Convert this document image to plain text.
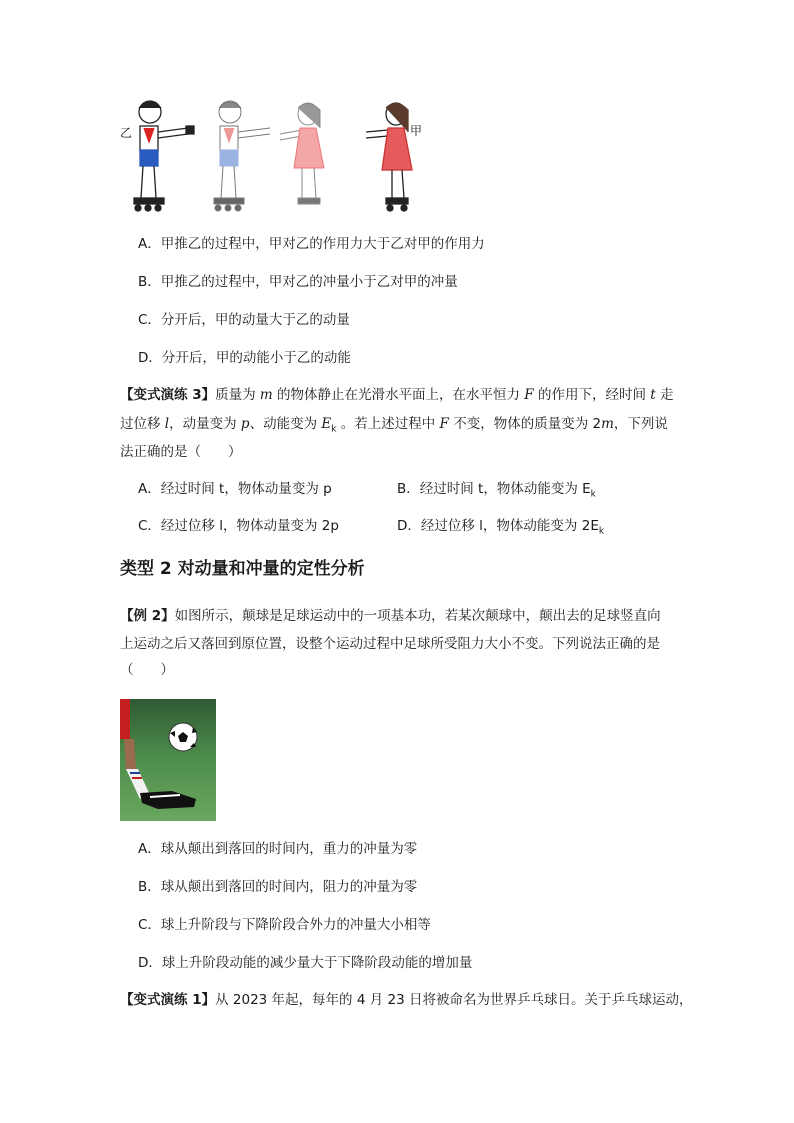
乙	甲
A．甲推乙的过程中，甲对乙的作用力大于乙对甲的作用力
B．甲推乙的过程中，甲对乙的冲量小于乙对甲的冲量
C．分开后，甲的动量大于乙的动量
D．分开后，甲的动能小于乙的动能
【变式演练 3】质量为 m 的物体静止在光滑水平面上，在水平恒力 F 的作用下，经时间 t 走
过位移 l，动量变为 p、动能变为 $E_k$ 。若上述过程中 F 不变，物体的质量变为 2m，下列说
法正确的是（　　）
A．经过时间 t，物体动量变为 p	B．经过时间 t，物体动能变为 $E_k$
C．经过位移 l，物体动量变为 2p	D．经过位移 l，物体动能变为 $2E_k$
类型 2 对动量和冲量的定性分析
【例 2】如图所示，颠球是足球运动中的一项基本功，若某次颠球中，颠出去的足球竖直向
上运动之后又落回到原位置，设整个运动过程中足球所受阻力大小不变。下列说法正确的是
（　　）
A．球从颠出到落回的时间内，重力的冲量为零
B．球从颠出到落回的时间内，阻力的冲量为零
C．球上升阶段与下降阶段合外力的冲量大小相等
D．球上升阶段动能的减少量大于下降阶段动能的增加量
【变式演练 1】从 2023 年起，每年的 4 月 23 日将被命名为世界乒乓球日。关于乒乓球运动，
